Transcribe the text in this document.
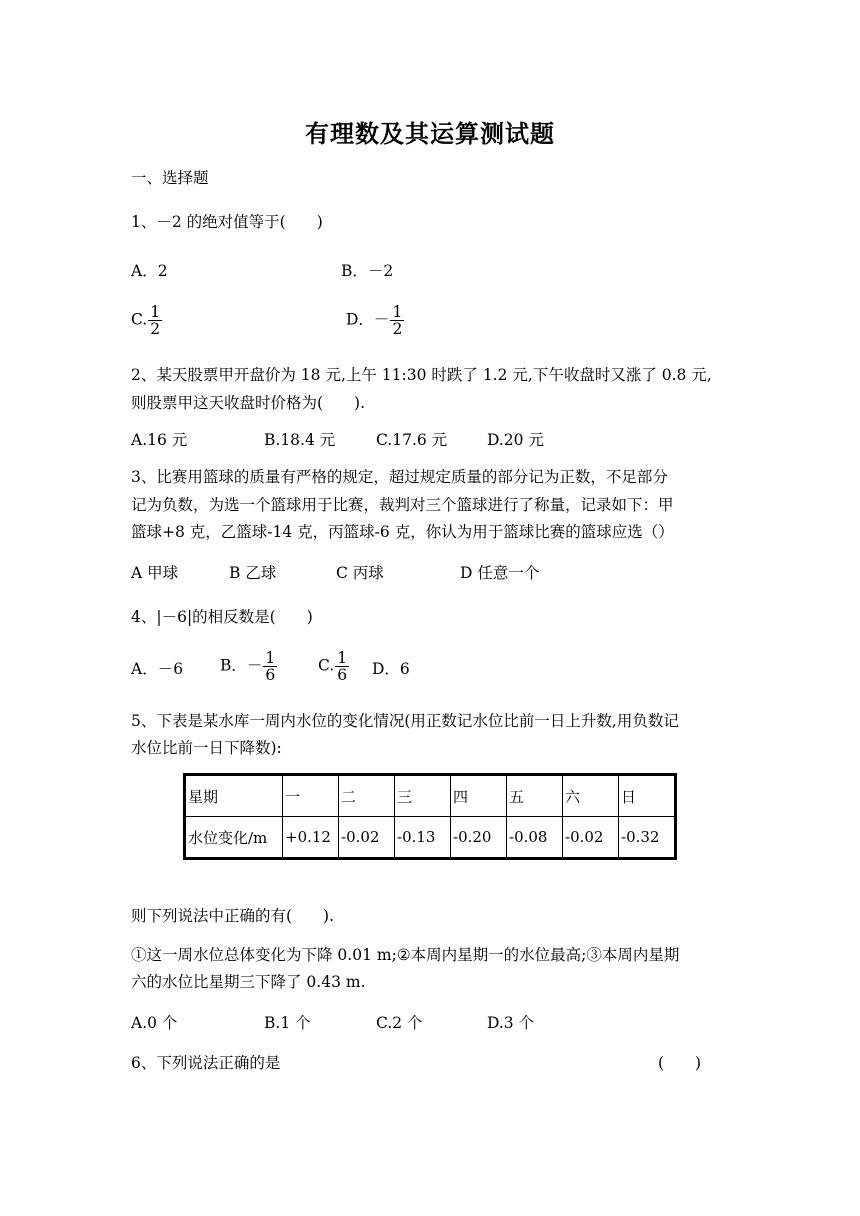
有理数及其运算测试题
一、选择题
1、－2 的绝对值等于(　　)
A．2	B．－2
C. $\frac{1}{2}$	D．－ $\frac{1}{2}$
2、某天股票甲开盘价为 18 元,上午 11:30 时跌了 1.2 元,下午收盘时又涨了 0.8 元,
则股票甲这天收盘时价格为(　　).
A.16 元	B.18.4 元	C.17.6 元	D.20 元
3、比赛用篮球的质量有严格的规定，超过规定质量的部分记为正数，不足部分
记为负数，为选一个篮球用于比赛，裁判对三个篮球进行了称量，记录如下：甲
篮球+8 克，乙篮球-14 克，丙篮球-6 克，你认为用于篮球比赛的篮球应选（）
A 甲球	B 乙球	C 丙球	D 任意一个
4、|－6|的相反数是(　　)
A．－6 B．－ $\frac{1}{6}$	C. $\frac{1}{6}$ D．6
5、下表是某水库一周内水位的变化情况(用正数记水位比前一日上升数,用负数记
水位比前一日下降数):
星期	一	二	三	四	五	六	日
水位变化/m	+0.12	-0.02	-0.13	-0.20	-0.08	-0.02	-0.32
则下列说法中正确的有(　　).
①这一周水位总体变化为下降 0.01 m;②本周内星期一的水位最高;③本周内星期
六的水位比星期三下降了 0.43 m.
A.0 个	B.1 个	C.2 个	D.3 个
6、下列说法正确的是	(　　)
